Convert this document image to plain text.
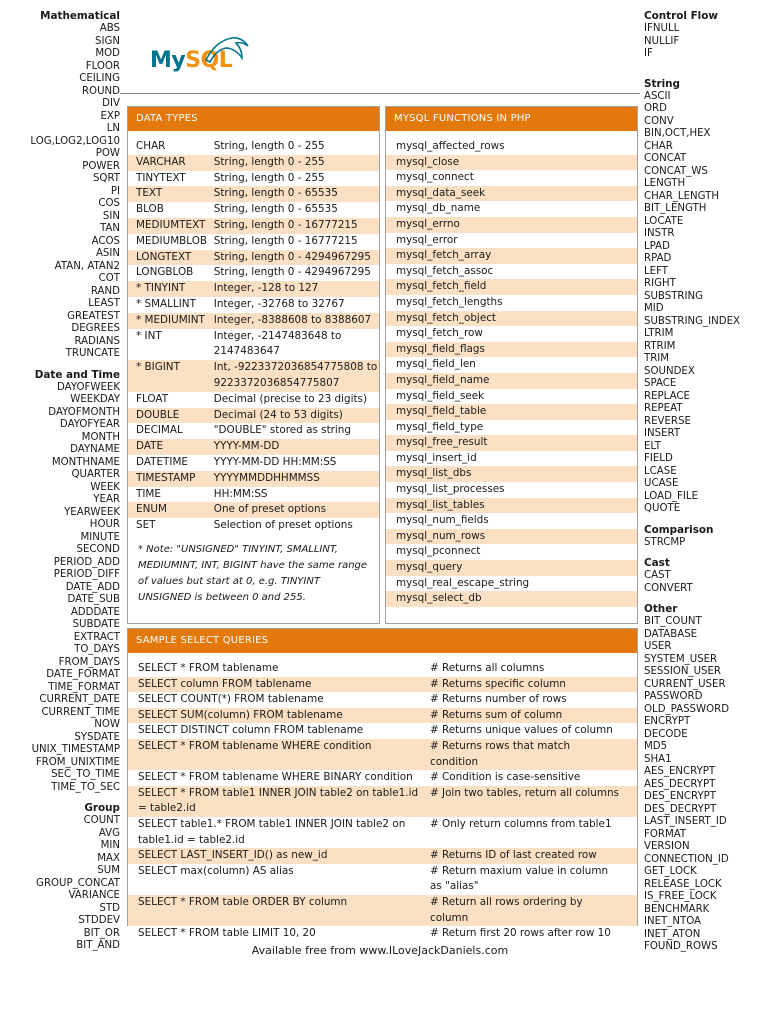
Mathematical
ABS
SIGN
MOD
FLOOR
CEILING
ROUND
DIV
EXP
LN
LOG,LOG2,LOG10
POW
POWER
SQRT
PI
COS
SIN
TAN
ACOS
ASIN
ATAN, ATAN2
COT
RAND
LEAST
GREATEST
DEGREES
RADIANS
TRUNCATE
Date and Time
DAYOFWEEK
WEEKDAY
DAYOFMONTH
DAYOFYEAR
MONTH
DAYNAME
MONTHNAME
QUARTER
WEEK
YEAR
YEARWEEK
HOUR
MINUTE
SECOND
PERIOD_ADD
PERIOD_DIFF
DATE_ADD
DATE_SUB
ADDDATE
SUBDATE
EXTRACT
TO_DAYS
FROM_DAYS
DATE_FORMAT
TIME_FORMAT
CURRENT_DATE
CURRENT_TIME
NOW
SYSDATE
UNIX_TIMESTAMP
FROM_UNIXTIME
SEC_TO_TIME
TIME_TO_SEC
Group
COUNT
AVG
MIN
MAX
SUM
GROUP_CONCAT
VARIANCE
STD
STDDEV
BIT_OR
BIT_AND
MySQL
DATA TYPES
CHAR	String, length 0 - 255
VARCHAR	String, length 0 - 255
TINYTEXT	String, length 0 - 255
TEXT	String, length 0 - 65535
BLOB	String, length 0 - 65535
MEDIUMTEXT String, length 0 - 16777215
MEDIUMBLOB String, length 0 - 16777215
LONGTEXT	String, length 0 - 4294967295
LONGBLOB	String, length 0 - 4294967295
* TINYINT	Integer, -128 to 127
* SMALLINT	Integer, -32768 to 32767
* MEDIUMINT Integer, -8388608 to 8388607
* INT	Integer, -2147483648 to 2147483647
* BIGINT	Int, -9223372036854775808 to 9223372036854775807
FLOAT	Decimal (precise to 23 digits)
DOUBLE	Decimal (24 to 53 digits)
DECIMAL	"DOUBLE" stored as string
DATE	YYYY-MM-DD
DATETIME	YYYY-MM-DD HH:MM:SS
TIMESTAMP	YYYYMMDDHHMMSS
TIME	HH:MM:SS
ENUM	One of preset options
SET	Selection of preset options
* Note: "UNSIGNED" TINYINT, SMALLINT, MEDIUMINT, INT, BIGINT have the same range of values but start at 0, e.g. TINYINT UNSIGNED is between 0 and 255.
MYSQL FUNCTIONS IN PHP
mysql_affected_rows
mysql_close
mysql_connect
mysql_data_seek
mysql_db_name
mysql_errno
mysql_error
mysql_fetch_array
mysql_fetch_assoc
mysql_fetch_field
mysql_fetch_lengths
mysql_fetch_object
mysql_fetch_row
mysql_field_flags
mysql_field_len
mysql_field_name
mysql_field_seek
mysql_field_table
mysql_field_type
mysql_free_result
mysql_insert_id
mysql_list_dbs
mysql_list_processes
mysql_list_tables
mysql_num_fields
mysql_num_rows
mysql_pconnect
mysql_query
mysql_real_escape_string
mysql_select_db
SAMPLE SELECT QUERIES
SELECT * FROM tablename	# Returns all columns
SELECT column FROM tablename	# Returns specific column
SELECT COUNT(*) FROM tablename	# Returns number of rows
SELECT SUM(column) FROM tablename	# Returns sum of column
SELECT DISTINCT column FROM tablename	# Returns unique values of column
SELECT * FROM tablename WHERE condition	# Returns rows that match condition
SELECT * FROM tablename WHERE BINARY condition	# Condition is case-sensitive
SELECT * FROM table1 INNER JOIN table2 on table1.id = table2.id
# Join two tables, return all columns
SELECT table1.* FROM table1 INNER JOIN table2 on table1.id = table2.id
# Only return columns from table1
SELECT LAST_INSERT_ID() as new_id	# Returns ID of last created row
SELECT max(column) AS alias	# Return maxium value in column as "alias"
SELECT * FROM table ORDER BY column	# Return all rows ordering by column
SELECT * FROM table LIMIT 10, 20	# Return first 20 rows after row 10
Available free from www.ILoveJackDaniels.com
Control Flow
IFNULL
NULLIF
IF
String
ASCII
ORD
CONV
BIN,OCT,HEX
CHAR
CONCAT
CONCAT_WS
LENGTH
CHAR_LENGTH
BIT_LENGTH
LOCATE
INSTR
LPAD
RPAD
LEFT
RIGHT
SUBSTRING
MID
SUBSTRING_INDEX
LTRIM
RTRIM
TRIM
SOUNDEX
SPACE
REPLACE
REPEAT
REVERSE
INSERT
ELT
FIELD
LCASE
UCASE
LOAD_FILE
QUOTE
Comparison
STRCMP
Cast
CAST
CONVERT
Other
BIT_COUNT
DATABASE
USER
SYSTEM_USER
SESSION_USER
CURRENT_USER
PASSWORD
OLD_PASSWORD
ENCRYPT
DECODE
MD5
SHA1
AES_ENCRYPT
AES_DECRYPT
DES_ENCRYPT
DES_DECRYPT
LAST_INSERT_ID
FORMAT
VERSION
CONNECTION_ID
GET_LOCK
RELEASE_LOCK
IS_FREE_LOCK
BENCHMARK
INET_NTOA
INET_ATON
FOUND_ROWS
